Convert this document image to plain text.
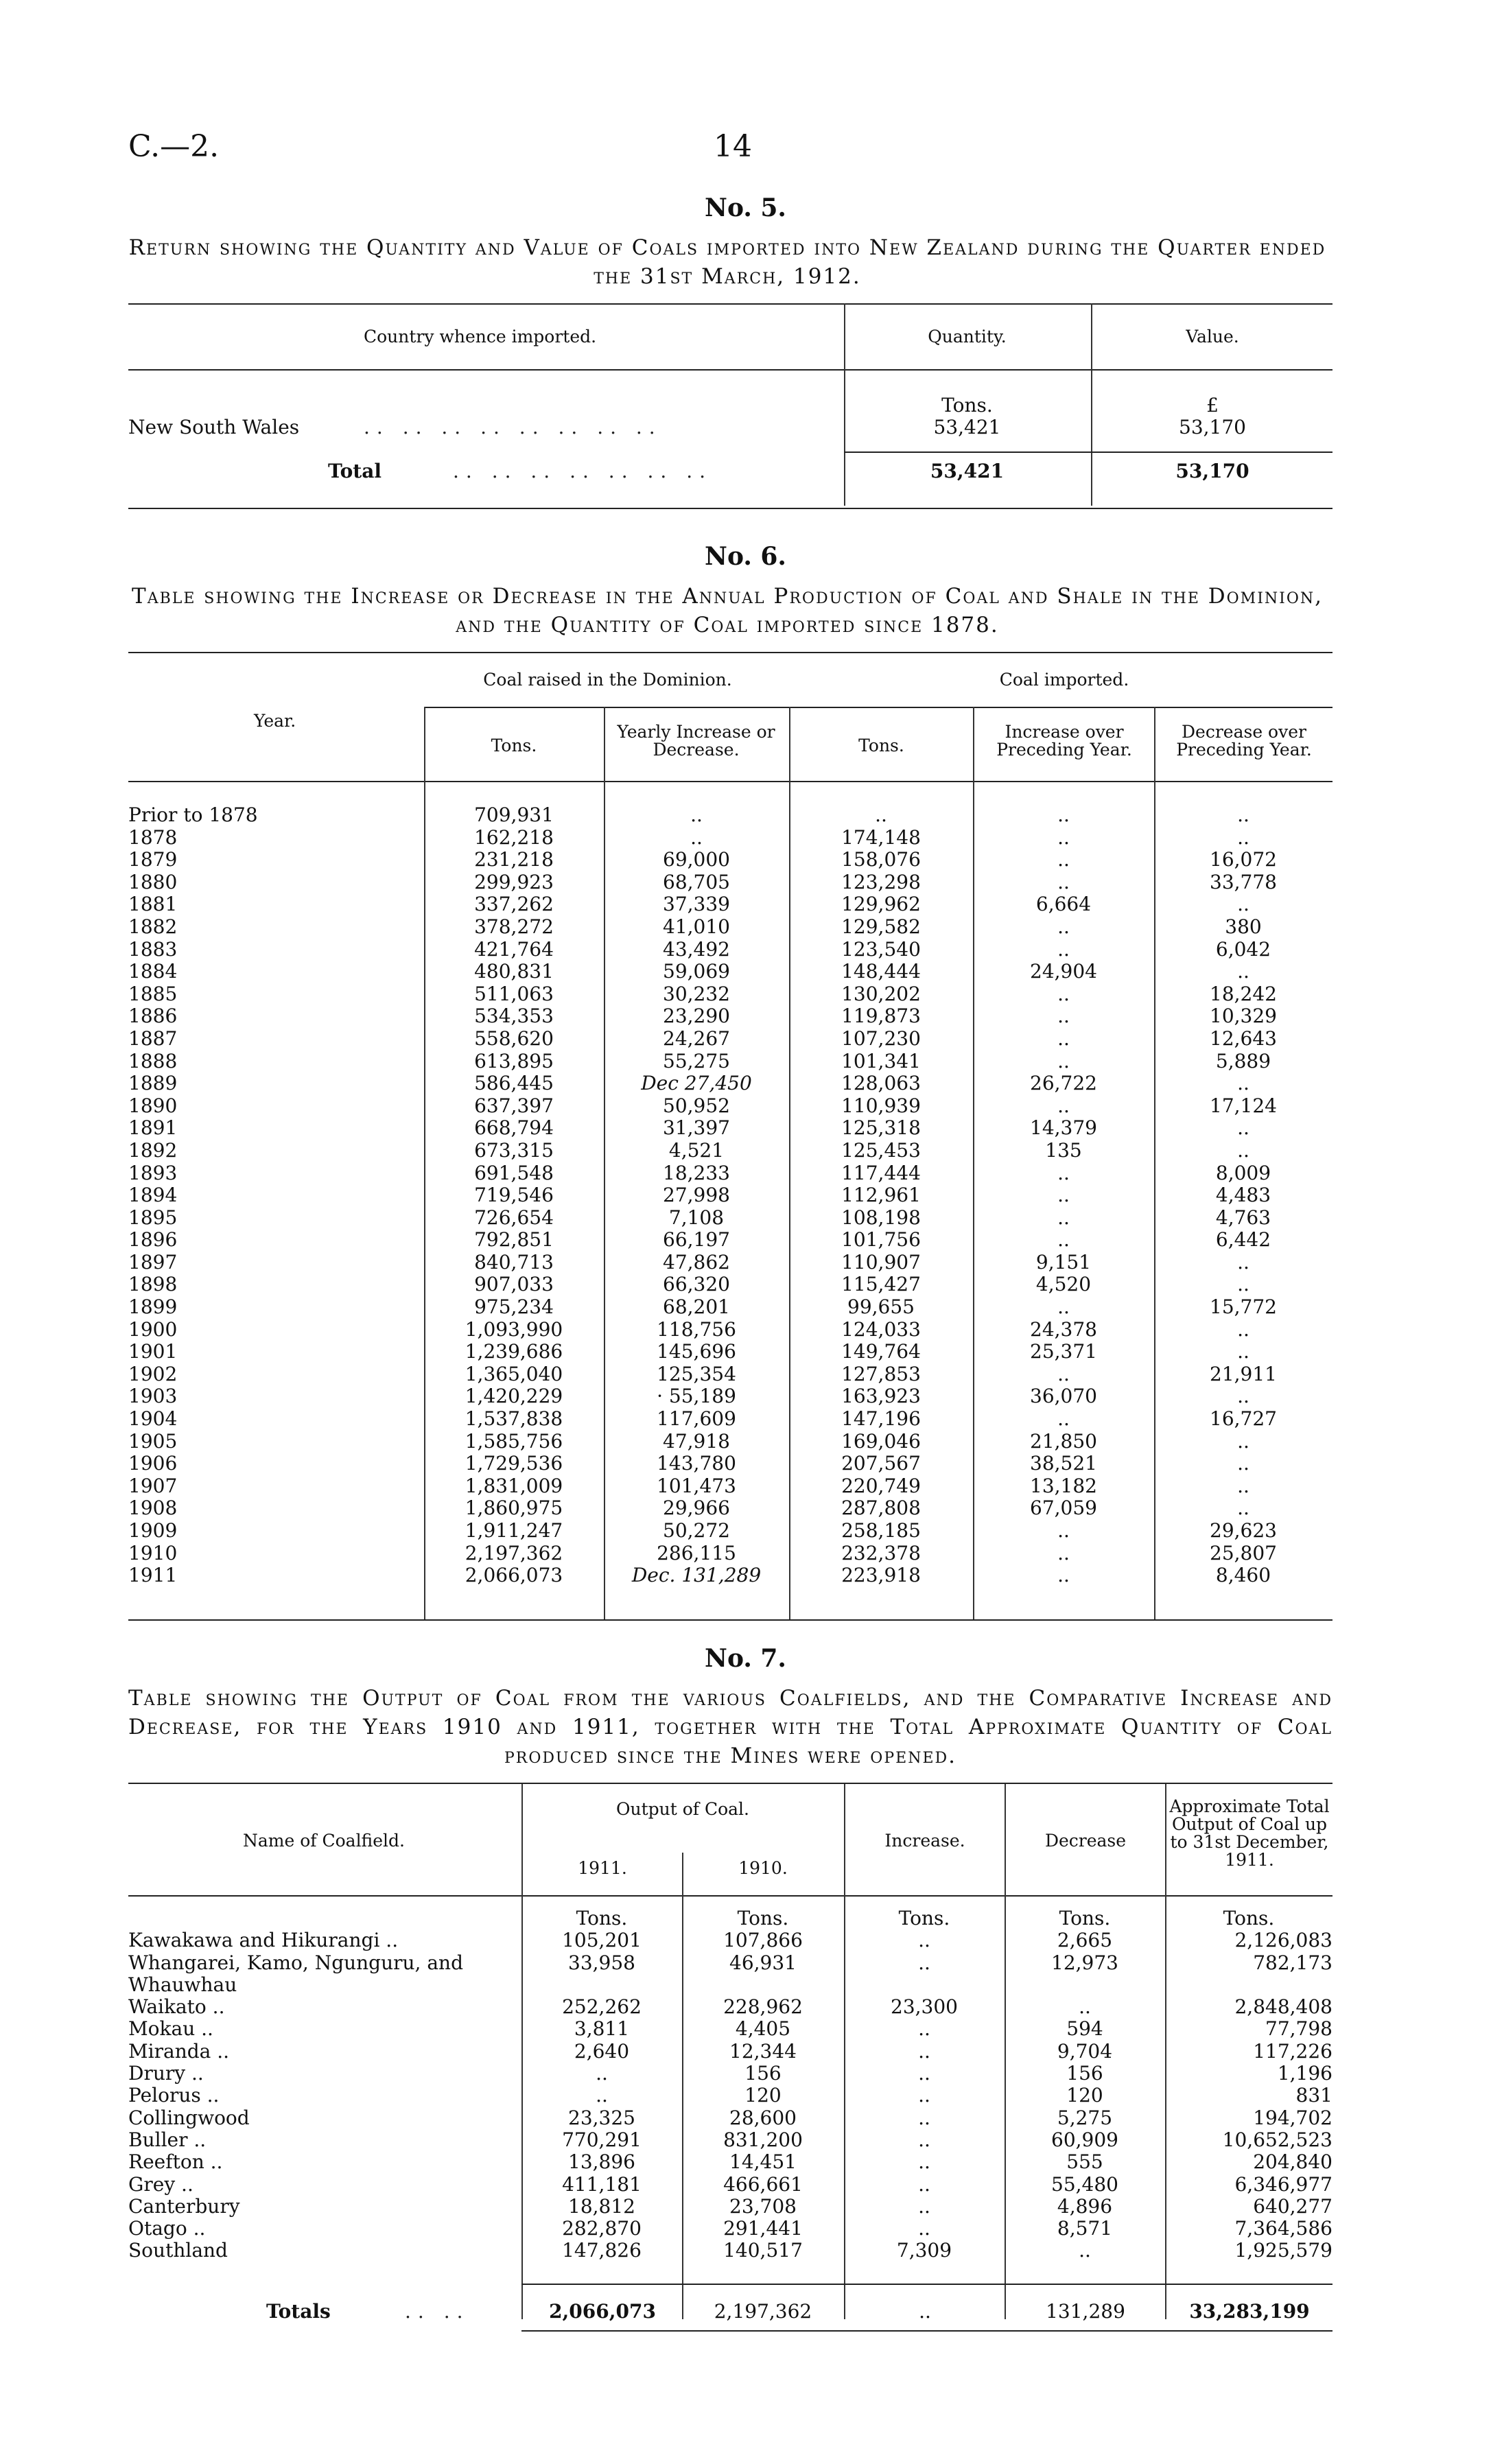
C.—2.	14
No. 5.
Return showing the Quantity and Value of Coals imported into New Zealand during the Quarter ended the 31st March, 1912.
Country whence imported.	Quantity.	Value.
Tons.	£
New South Wales	.. .. .. .. .. .. .. ..	53,421	53,170
Total	.. .. .. .. .. .. ..	53,421	53,170
No. 6.
Table showing the Increase or Decrease in the Annual Production of Coal and Shale in the Dominion, and the Quantity of Coal imported since 1878.
Year.
Coal raised in the Dominion.	Coal imported.
Tons.
Yearly Increase or Decrease.	Tons.
Increase over Preceding Year.
Decrease over Preceding Year.
Prior to 1878	709,931	..	..	..	..
1878	162,218	..	174,148	..	..
1879	231,218	69,000	158,076	..	16,072
1880	299,923	68,705	123,298	..	33,778
1881	337,262	37,339	129,962	6,664	..
1882	378,272	41,010	129,582	..	380
1883	421,764	43,492	123,540	..	6,042
1884	480,831	59,069	148,444	24,904	..
1885	511,063	30,232	130,202	..	18,242
1886	534,353	23,290	119,873	..	10,329
1887	558,620	24,267	107,230	..	12,643
1888	613,895	55,275	101,341	..	5,889
1889	586,445	Dec 27,450	128,063	26,722	..
1890	637,397	50,952	110,939	..	17,124
1891	668,794	31,397	125,318	14,379	..
1892	673,315	4,521	125,453	135	..
1893	691,548	18,233	117,444	..	8,009
1894	719,546	27,998	112,961	..	4,483
1895	726,654	7,108	108,198	..	4,763
1896	792,851	66,197	101,756	..	6,442
1897	840,713	47,862	110,907	9,151	..
1898	907,033	66,320	115,427	4,520	..
1899	975,234	68,201	99,655	..	15,772
1900	1,093,990	118,756	124,033	24,378	..
1901	1,239,686	145,696	149,764	25,371	..
1902	1,365,040	125,354	127,853	..	21,911
1903	1,420,229	· 55,189	163,923	36,070	..
1904	1,537,838	117,609	147,196	..	16,727
1905	1,585,756	47,918	169,046	21,850	..
1906	1,729,536	143,780	207,567	38,521	..
1907	1,831,009	101,473	220,749	13,182	..
1908	1,860,975	29,966	287,808	67,059	..
1909	1,911,247	50,272	258,185	..	29,623
1910	2,197,362	286,115	232,378	..	25,807
1911	2,066,073	Dec. 131,289	223,918	..	8,460
No. 7.
Table showing the Output of Coal from the various Coalfields, and the Comparative Increase and Decrease, for the Years 1910 and 1911, together with the Total Approximate Quantity of Coal produced since the Mines were opened.
Name of Coalfield.
Output of Coal.
1911.	1910.
Increase.	Decrease
Approximate Total Output of Coal up to 31st December, 1911.
	Tons.	Tons.	Tons.	Tons.	Tons.
Kawakawa and Hikurangi ..	105,201	107,866	..	2,665	2,126,083
Whangarei, Kamo, Ngunguru, and	33,958	46,931	..	12,973	782,173
Whauwhau					
Waikato ..	252,262	228,962	23,300	..	2,848,408
Mokau ..	3,811	4,405	..	594	77,798
Miranda ..	2,640	12,344	..	9,704	117,226
Drury ..	..	156	..	156	1,196
Pelorus ..	..	120	..	120	831
Collingwood	23,325	28,600	..	5,275	194,702
Buller ..	770,291	831,200	..	60,909	10,652,523
Reefton ..	13,896	14,451	..	555	204,840
Grey ..	411,181	466,661	..	55,480	6,346,977
Canterbury	18,812	23,708	..	4,896	640,277
Otago ..	282,870	291,441	..	8,571	7,364,586
Southland	147,826	140,517	7,309	..	1,925,579
Totals	.. ..	2,066,073	2,197,362	..	131,289	33,283,199
